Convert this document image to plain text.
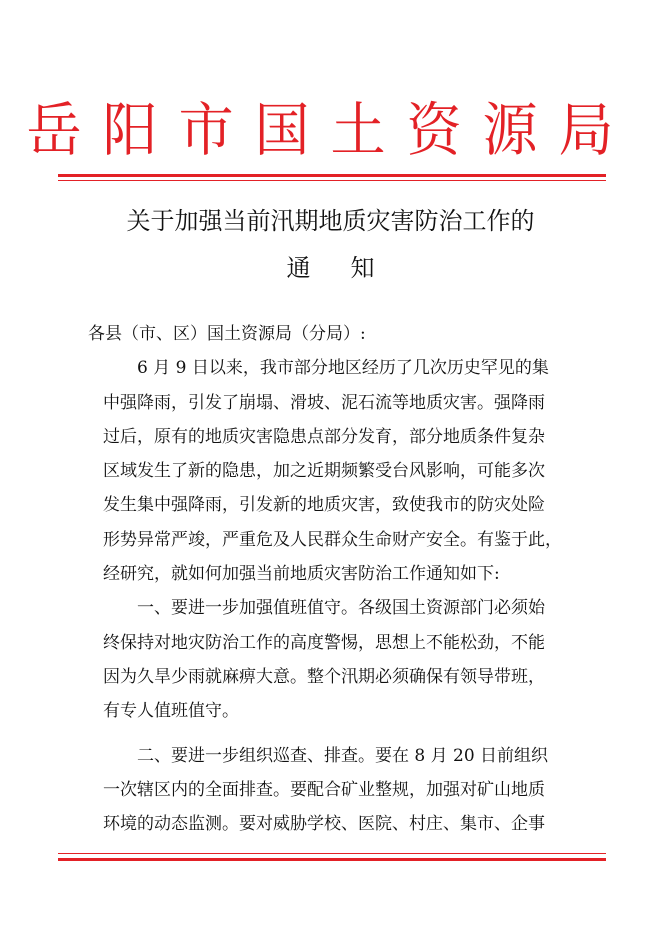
岳阳市国土资源局
关于加强当前汛期地质灾害防治工作的
通知
各县（市、区）国土资源局（分局）:
6 月 9 日以来，我市部分地区经历了几次历史罕见的集
中强降雨，引发了崩塌、滑坡、泥石流等地质灾害。强降雨
过后，原有的地质灾害隐患点部分发育，部分地质条件复杂
区域发生了新的隐患，加之近期频繁受台风影响，可能多次
发生集中强降雨，引发新的地质灾害，致使我市的防灾处险
形势异常严竣，严重危及人民群众生命财产安全。有鉴于此，
经研究，就如何加强当前地质灾害防治工作通知如下:
一、要进一步加强值班值守。各级国土资源部门必须始
终保持对地灾防治工作的高度警惕，思想上不能松劲，不能
因为久旱少雨就麻痹大意。整个汛期必须确保有领导带班，
有专人值班值守。
二、要进一步组织巡查、排查。要在 8 月 20 日前组织
一次辖区内的全面排查。要配合矿业整规，加强对矿山地质
环境的动态监测。要对威胁学校、医院、村庄、集市、企事
